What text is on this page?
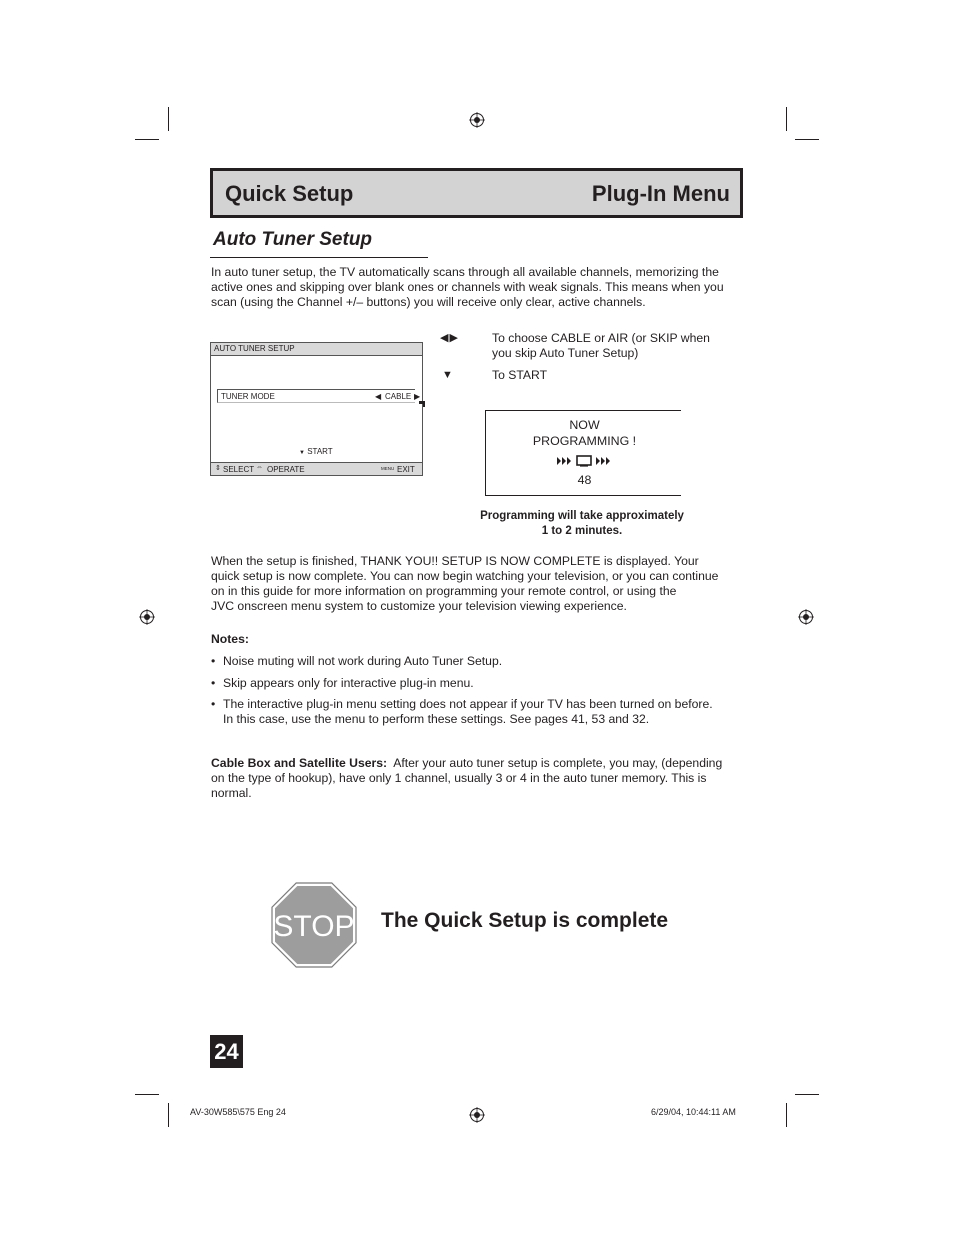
Quick Setup	Plug-In Menu
Auto Tuner Setup
In auto tuner setup, the TV automatically scans through all available channels, memorizing the
active ones and skipping over blank ones or channels with weak signals. This means when you
scan (using the Channel +/– buttons) you will receive only clear, active channels.
AUTO TUNER SETUP
TUNER MODE	◀ CABLE ▶
▼ START
⇕ SELECT ⇔ OPERATE	MENU EXIT
◀▶	To choose CABLE or AIR (or SKIP when
you skip Auto Tuner Setup)
▼	To START
NOW
PROGRAMMING !
48
Programming will take approximately
1 to 2 minutes.
When the setup is finished, THANK YOU!! SETUP IS NOW COMPLETE is displayed. Your
quick setup is now complete. You can now begin watching your television, or you can continue
on in this guide for more information on programming your remote control, or using the
JVC onscreen menu system to customize your television viewing experience.
Notes:
• Noise muting will not work during Auto Tuner Setup.
• Skip appears only for interactive plug-in menu.
• The interactive plug-in menu setting does not appear if your TV has been turned on before.
In this case, use the menu to perform these settings. See pages 41, 53 and 32.
Cable Box and Satellite Users: After your auto tuner setup is complete, you may, (depending
on the type of hookup), have only 1 channel, usually 3 or 4 in the auto tuner memory. This is
normal.
STOP The Quick Setup is complete
24
AV-30W585\575 Eng 24	6/29/04, 10:44:11 AM
